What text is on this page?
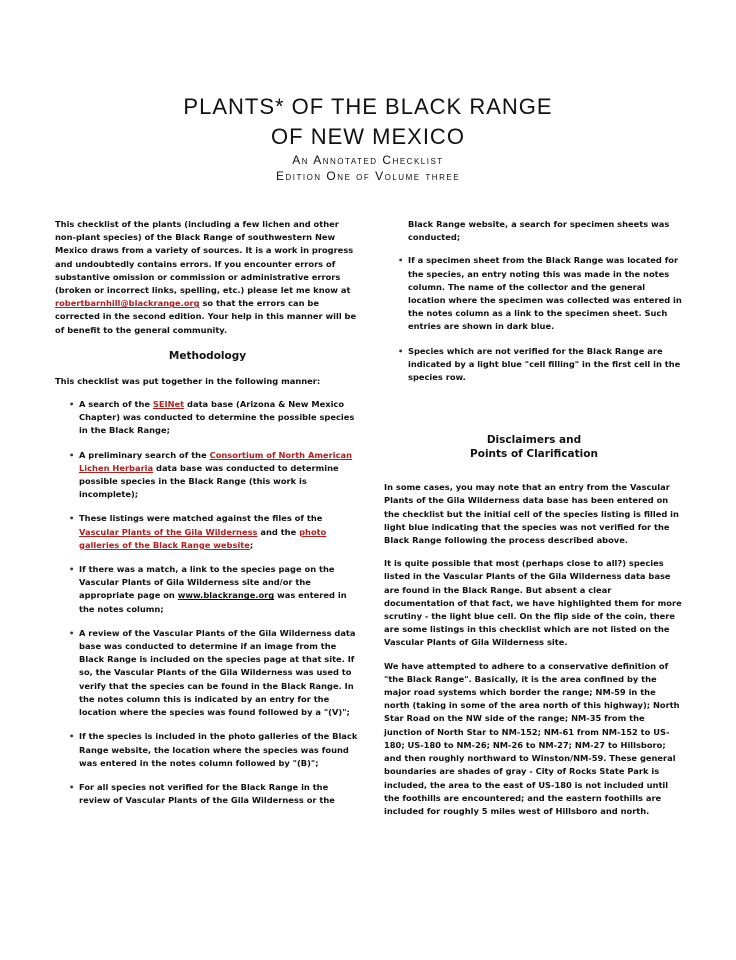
PLANTS* OF THE BLACK RANGE
OF NEW MEXICO
An Annotated Checklist
Edition One of Volume three

This checklist of the plants (including a few lichen and other non-plant species) of the Black Range of southwestern New Mexico draws from a variety of sources. It is a work in progress and undoubtedly contains errors. If you encounter errors of substantive omission or commission or administrative errors (broken or incorrect links, spelling, etc.) please let me know at robertbarnhill@blackrange.org so that the errors can be corrected in the second edition. Your help in this manner will be of benefit to the general community.

Methodology

This checklist was put together in the following manner:

• A search of the SEINet data base (Arizona & New Mexico Chapter) was conducted to determine the possible species in the Black Range;
• A preliminary search of the Consortium of North American Lichen Herbaria data base was conducted to determine possible species in the Black Range (this work is incomplete);
• These listings were matched against the files of the Vascular Plants of the Gila Wilderness and the photo galleries of the Black Range website;
• If there was a match, a link to the species page on the Vascular Plants of Gila Wilderness site and/or the appropriate page on www.blackrange.org was entered in the notes column;
• A review of the Vascular Plants of the Gila Wilderness data base was conducted to determine if an image from the Black Range is included on the species page at that site. If so, the Vascular Plants of the Gila Wilderness was used to verify that the species can be found in the Black Range. In the notes column this is indicated by an entry for the location where the species was found followed by a "(V)";
• If the species is included in the photo galleries of the Black Range website, the location where the species was found was entered in the notes column followed by "(B)";
• For all species not verified for the Black Range in the review of Vascular Plants of the Gila Wilderness or the

Black Range website, a search for specimen sheets was conducted;

• If a specimen sheet from the Black Range was located for the species, an entry noting this was made in the notes column. The name of the collector and the general location where the specimen was collected was entered in the notes column as a link to the specimen sheet. Such entries are shown in dark blue.
• Species which are not verified for the Black Range are indicated by a light blue "cell filling" in the first cell in the species row.
Disclaimers and
Points of Clarification

In some cases, you may note that an entry from the Vascular Plants of the Gila Wilderness data base has been entered on the checklist but the initial cell of the species listing is filled in light blue indicating that the species was not verified for the Black Range following the process described above.

It is quite possible that most (perhaps close to all?) species listed in the Vascular Plants of the Gila Wilderness data base are found in the Black Range. But absent a clear documentation of that fact, we have highlighted them for more scrutiny - the light blue cell. On the flip side of the coin, there are some listings in this checklist which are not listed on the Vascular Plants of Gila Wilderness site.

We have attempted to adhere to a conservative definition of "the Black Range". Basically, it is the area confined by the major road systems which border the range; NM-59 in the north (taking in some of the area north of this highway); North Star Road on the NW side of the range; NM-35 from the junction of North Star to NM-152; NM-61 from NM-152 to US-180; US-180 to NM-26; NM-26 to NM-27; NM-27 to Hillsboro; and then roughly northward to Winston/NM-59. These general boundaries are shades of gray - City of Rocks State Park is included, the area to the east of US-180 is not included until the foothills are encountered; and the eastern foothills are included for roughly 5 miles west of Hillsboro and north.
